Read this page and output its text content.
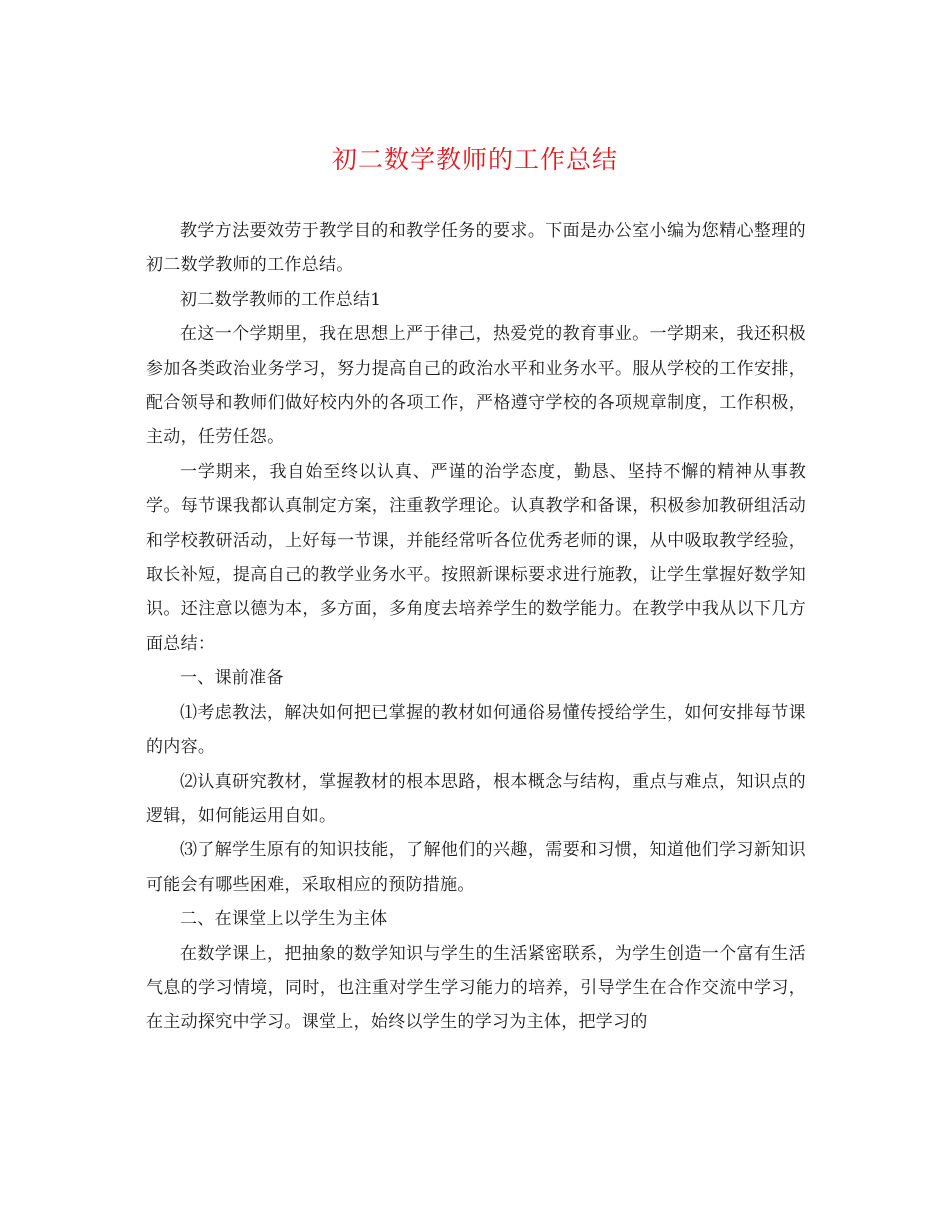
初二数学教师的工作总结

教学方法要效劳于教学目的和教学任务的要求。下面是办公室小编为您精心整理的初二数学教师的工作总结。

初二数学教师的工作总结1

在这一个学期里，我在思想上严于律己，热爱党的教育事业。一学期来，我还积极参加各类政治业务学习，努力提高自己的政治水平和业务水平。服从学校的工作安排，配合领导和教师们做好校内外的各项工作，严格遵守学校的各项规章制度，工作积极，主动，任劳任怨。

一学期来，我自始至终以认真、严谨的治学态度，勤恳、坚持不懈的精神从事教学。每节课我都认真制定方案，注重教学理论。认真教学和备课，积极参加教研组活动和学校教研活动，上好每一节课，并能经常听各位优秀老师的课，从中吸取教学经验，取长补短，提高自己的教学业务水平。按照新课标要求进行施教，让学生掌握好数学知识。还注意以德为本，多方面，多角度去培养学生的数学能力。在教学中我从以下几方面总结：

一、课前准备

⑴考虑教法，解决如何把已掌握的教材如何通俗易懂传授给学生，如何安排每节课的内容。

⑵认真研究教材，掌握教材的根本思路，根本概念与结构，重点与难点，知识点的逻辑，如何能运用自如。

⑶了解学生原有的知识技能，了解他们的兴趣，需要和习惯，知道他们学习新知识可能会有哪些困难，采取相应的预防措施。

二、在课堂上以学生为主体

在数学课上，把抽象的数学知识与学生的生活紧密联系，为学生创造一个富有生活气息的学习情境，同时，也注重对学生学习能力的培养，引导学生在合作交流中学习，在主动探究中学习。课堂上，始终以学生的学习为主体，把学习的
